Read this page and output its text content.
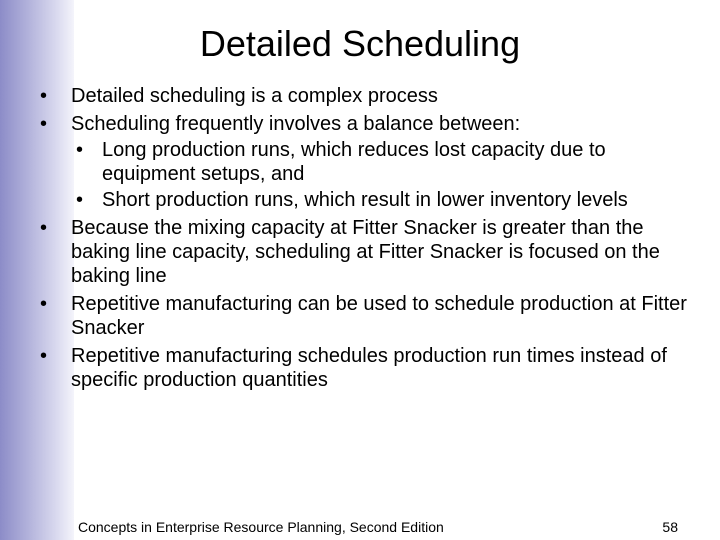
Detailed Scheduling
• Detailed scheduling is a complex process
• Scheduling frequently involves a balance between:
• Long production runs, which reduces lost capacity due to equipment setups, and
• Short production runs, which result in lower inventory levels
• Because the mixing capacity at Fitter Snacker is greater than the baking line capacity, scheduling at Fitter Snacker is focused on the baking line
• Repetitive manufacturing can be used to schedule production at Fitter Snacker
• Repetitive manufacturing schedules production run times instead of specific production quantities
Concepts in Enterprise Resource Planning, Second Edition	58
